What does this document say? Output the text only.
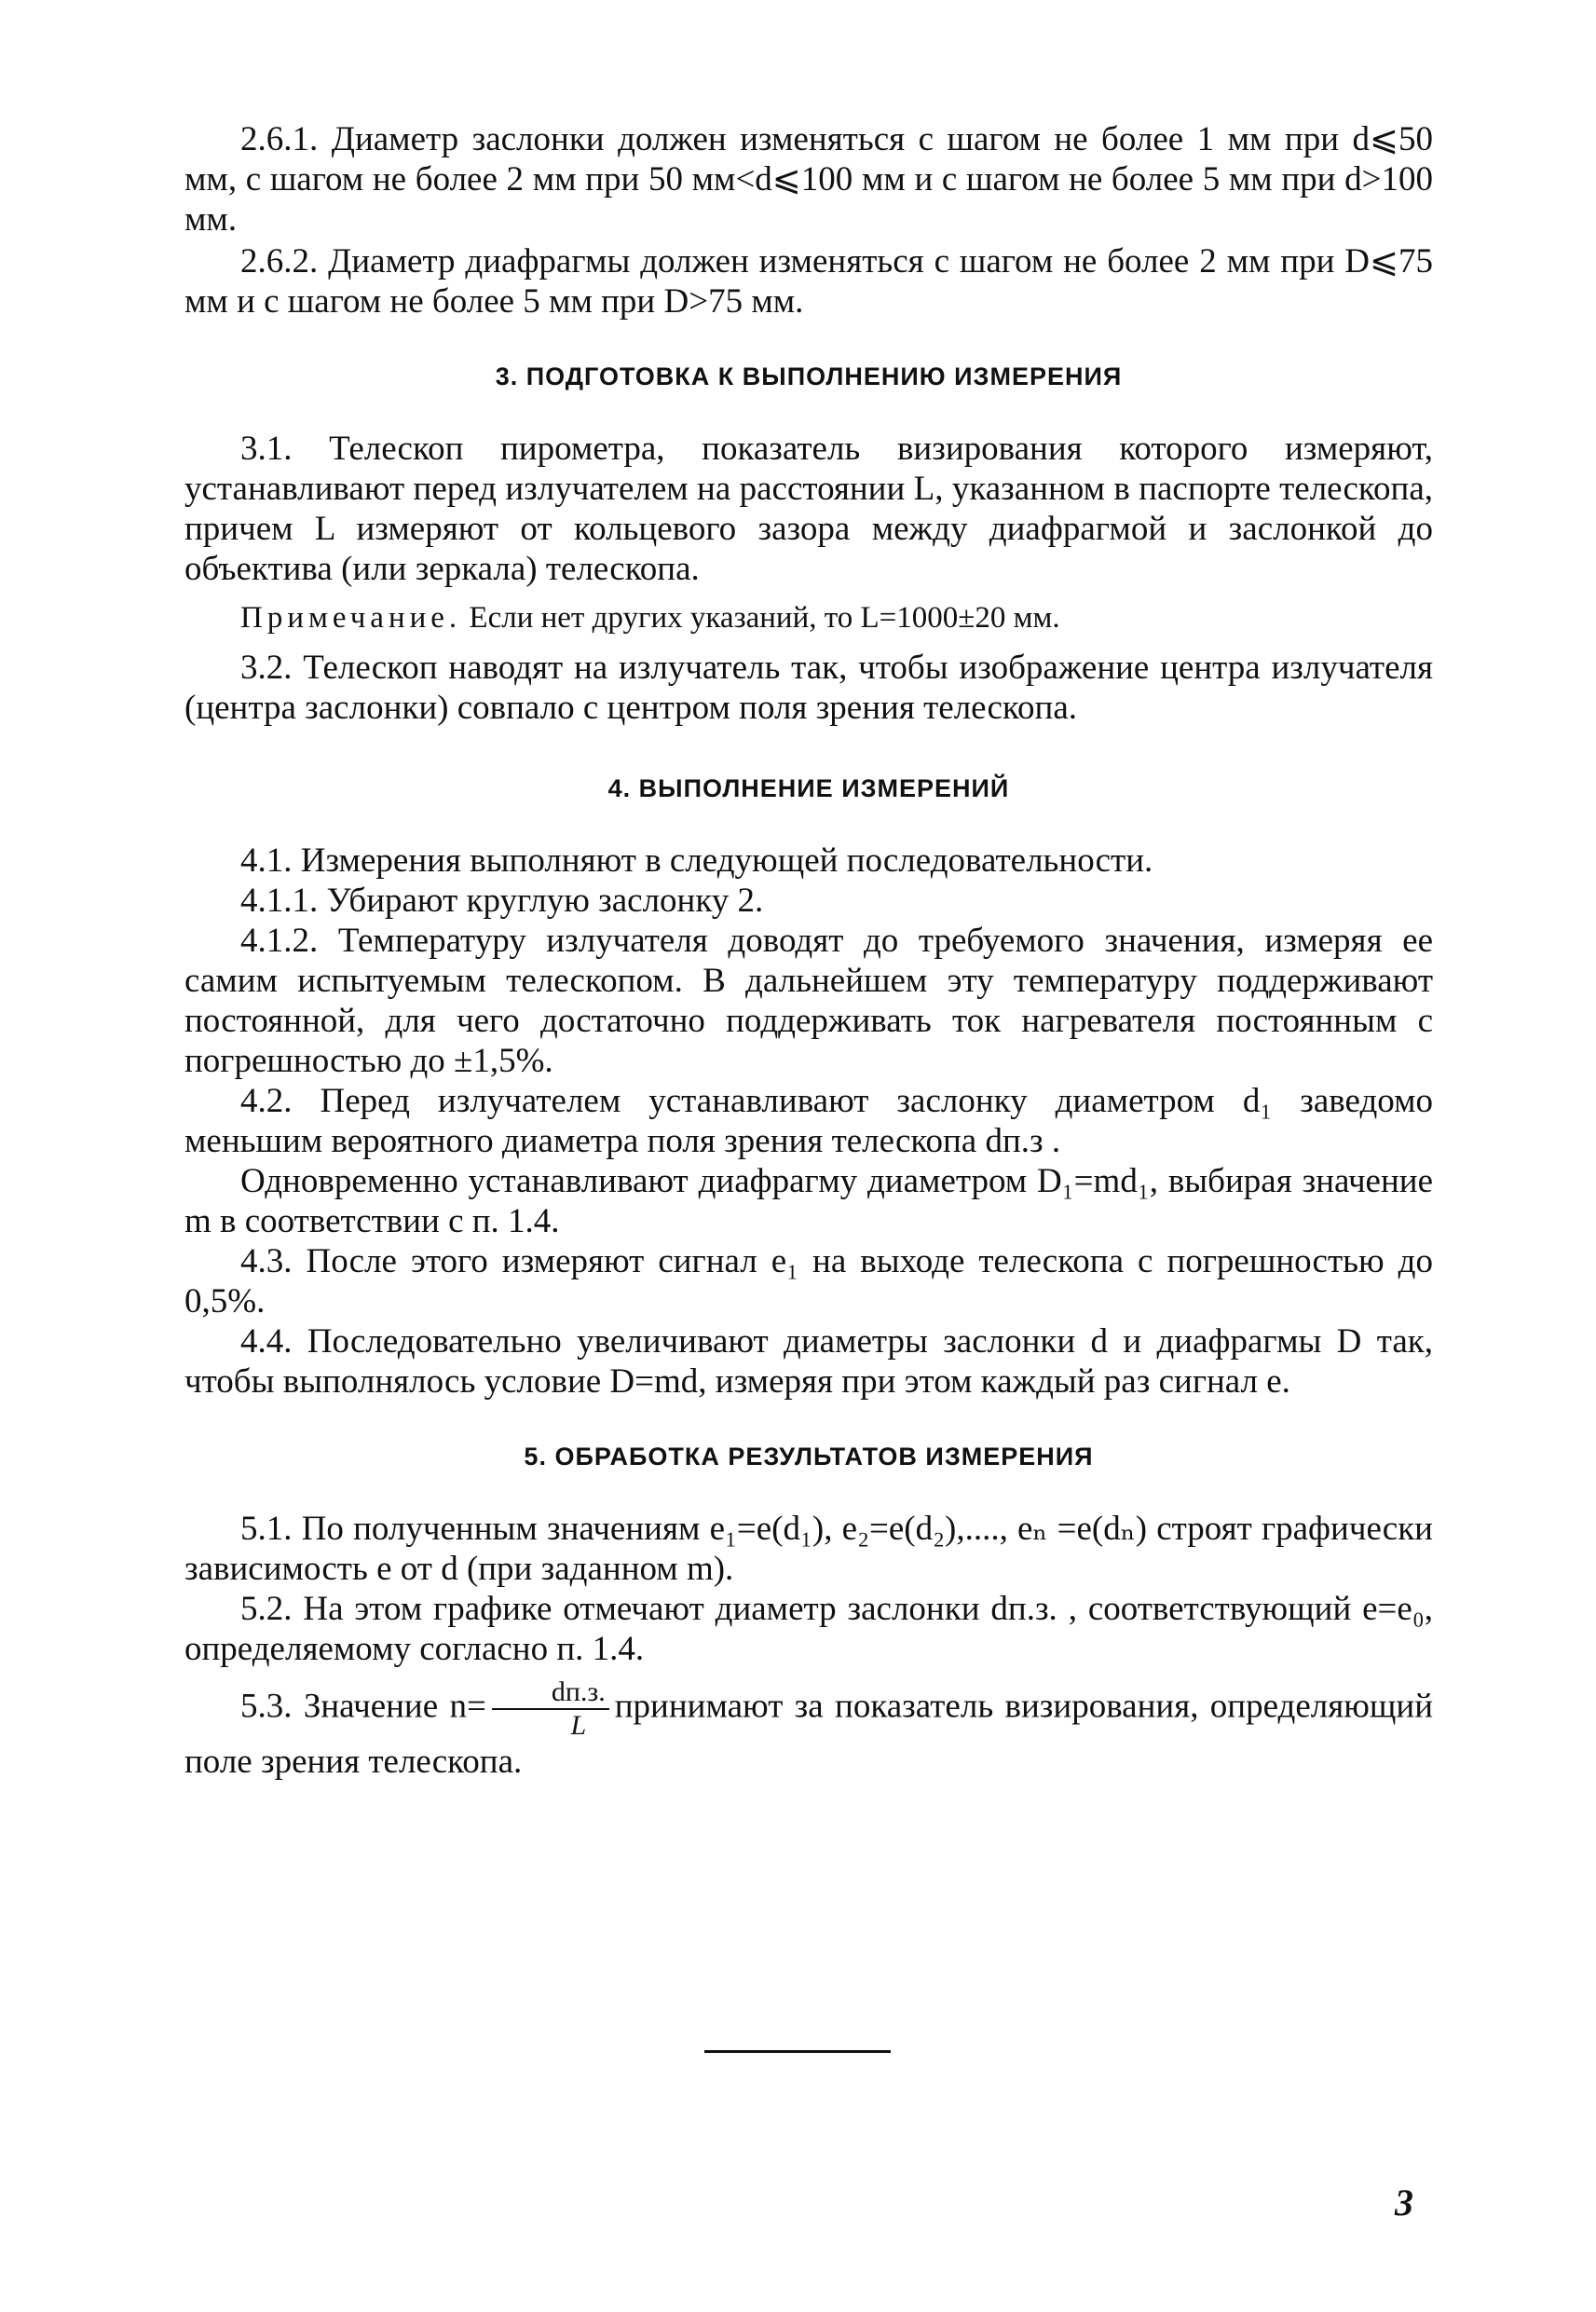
2.6.1. Диаметр заслонки должен изменяться с шагом не более 1 мм при d⩽50 мм, с шагом не более 2 мм при 50 мм<d⩽100 мм и с шагом не более 5 мм при d>100 мм.

2.6.2. Диаметр диафрагмы должен изменяться с шагом не более 2 мм при D⩽75 мм и с шагом не более 5 мм при D>75 мм.

3. ПОДГОТОВКА К ВЫПОЛНЕНИЮ ИЗМЕРЕНИЯ

3.1. Телескоп пирометра, показатель визирования которого измеряют, устанавливают перед излучателем на расстоянии L, указанном в паспорте телескопа, причем L измеряют от кольцевого зазора между диафрагмой и заслонкой до объектива (или зеркала) телескопа.

Примечание. Если нет других указаний, то L=1000±20 мм.

3.2. Телескоп наводят на излучатель так, чтобы изображение центра излучателя (центра заслонки) совпало с центром поля зрения телескопа.

4. ВЫПОЛНЕНИЕ ИЗМЕРЕНИЙ

4.1. Измерения выполняют в следующей последовательности.

4.1.1. Убирают круглую заслонку 2.

4.1.2. Температуру излучателя доводят до требуемого значения, измеряя ее самим испытуемым телескопом. В дальнейшем эту температуру поддерживают постоянной, для чего достаточно поддерживать ток нагревателя постоянным с погрешностью до ±1,5%.

4.2. Перед излучателем устанавливают заслонку диаметром d₁ заведомо меньшим вероятного диаметра поля зрения телескопа dп.з .

Одновременно устанавливают диафрагму диаметром D₁=md₁, выбирая значение m в соответствии с п. 1.4.

4.3. После этого измеряют сигнал e₁ на выходе телескопа с погрешностью до 0,5%.

4.4. Последовательно увеличивают диаметры заслонки d и диафрагмы D так, чтобы выполнялось условие D=md, измеряя при этом каждый раз сигнал e.

5. ОБРАБОТКА РЕЗУЛЬТАТОВ ИЗМЕРЕНИЯ

5.1. По полученным значениям e₁=e(d₁), e₂=e(d₂),...., eₙ =e(dₙ) строят графически зависимость e от d (при заданном m).

5.2. На этом графике отмечают диаметр заслонки dп.з. , соответствующий e=e₀, определяемому согласно п. 1.4.

5.3. Значение $n= \frac{dп.з.}{L}$ принимают за показатель визирования, определяющий поле зрения телескопа.

3
